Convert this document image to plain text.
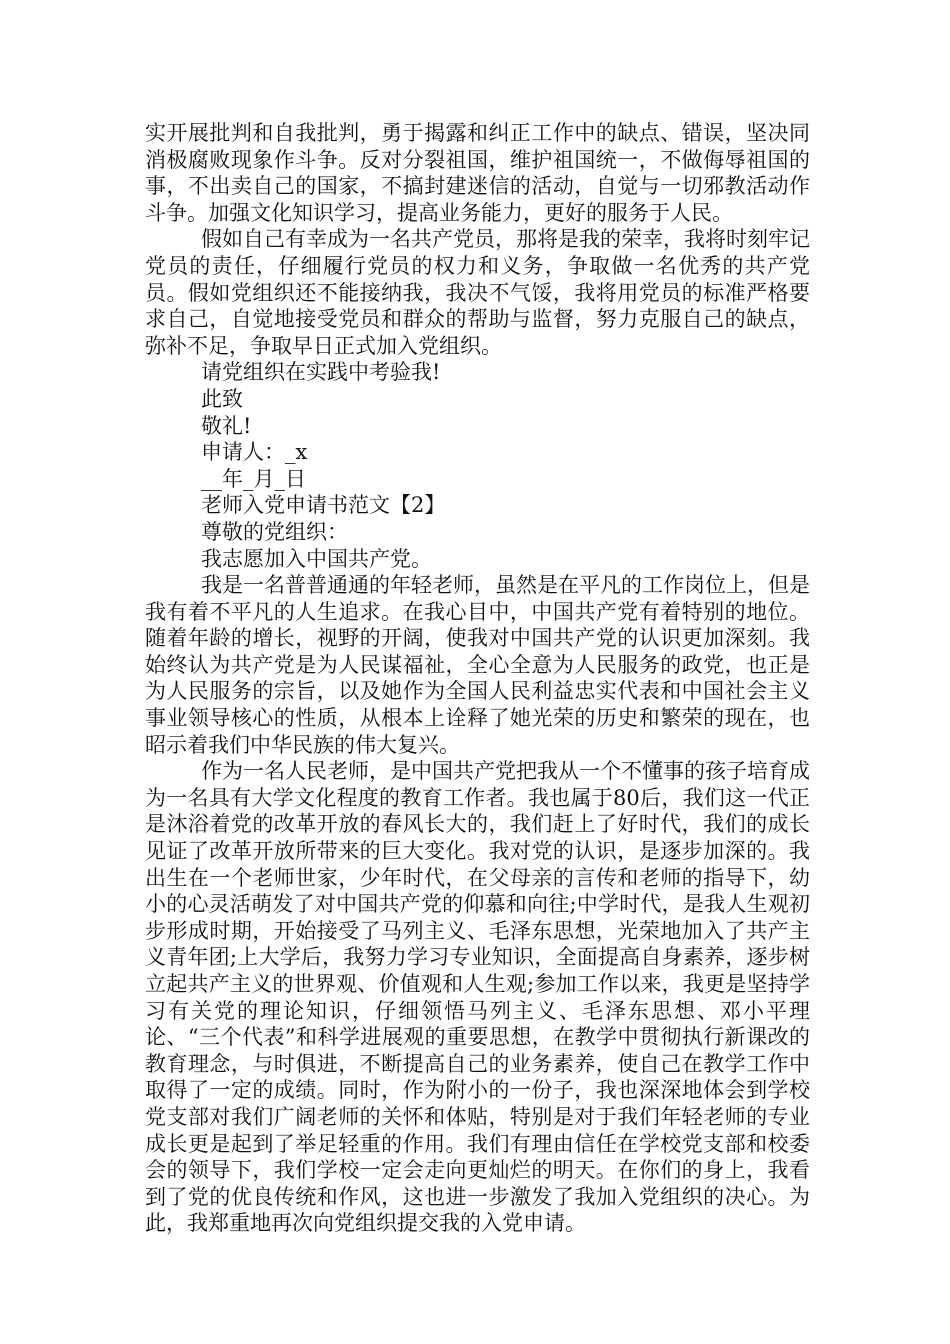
实开展批判和自我批判，勇于揭露和纠正工作中的缺点、错误，坚决同消极腐败现象作斗争。反对分裂祖国，维护祖国统一，不做侮辱祖国的事，不出卖自己的国家，不搞封建迷信的活动，自觉与一切邪教活动作斗争。加强文化知识学习，提高业务能力，更好的服务于人民。

假如自己有幸成为一名共产党员，那将是我的荣幸，我将时刻牢记党员的责任，仔细履行党员的权力和义务，争取做一名优秀的共产党员。假如党组织还不能接纳我，我决不气馁，我将用党员的标准严格要求自己，自觉地接受党员和群众的帮助与监督，努力克服自己的缺点，弥补不足，争取早日正式加入党组织。

请党组织在实践中考验我!

此致

敬礼!

申请人：_x

__年_月_日

老师入党申请书范文【2】

尊敬的党组织：

我志愿加入中国共产党。

我是一名普普通通的年轻老师，虽然是在平凡的工作岗位上，但是我有着不平凡的人生追求。在我心目中，中国共产党有着特别的地位。随着年龄的增长，视野的开阔，使我对中国共产党的认识更加深刻。我始终认为共产党是为人民谋福祉，全心全意为人民服务的政党，也正是为人民服务的宗旨，以及她作为全国人民利益忠实代表和中国社会主义事业领导核心的性质，从根本上诠释了她光荣的历史和繁荣的现在，也昭示着我们中华民族的伟大复兴。

作为一名人民老师，是中国共产党把我从一个不懂事的孩子培育成为一名具有大学文化程度的教育工作者。我也属于80后，我们这一代正是沐浴着党的改革开放的春风长大的，我们赶上了好时代，我们的成长见证了改革开放所带来的巨大变化。我对党的认识，是逐步加深的。我出生在一个老师世家，少年时代，在父母亲的言传和老师的指导下，幼小的心灵活萌发了对中国共产党的仰慕和向往;中学时代，是我人生观初步形成时期，开始接受了马列主义、毛泽东思想，光荣地加入了共产主义青年团;上大学后，我努力学习专业知识，全面提高自身素养，逐步树立起共产主义的世界观、价值观和人生观;参加工作以来，我更是坚持学习有关党的理论知识，仔细领悟马列主义、毛泽东思想、邓小平理论、“三个代表”和科学进展观的重要思想，在教学中贯彻执行新课改的教育理念，与时俱进，不断提高自己的业务素养，使自己在教学工作中取得了一定的成绩。同时，作为附小的一份子，我也深深地体会到学校党支部对我们广阔老师的关怀和体贴，特别是对于我们年轻老师的专业成长更是起到了举足轻重的作用。我们有理由信任在学校党支部和校委会的领导下，我们学校一定会走向更灿烂的明天。在你们的身上，我看到了党的优良传统和作风，这也进一步激发了我加入党组织的决心。为此，我郑重地再次向党组织提交我的入党申请。
